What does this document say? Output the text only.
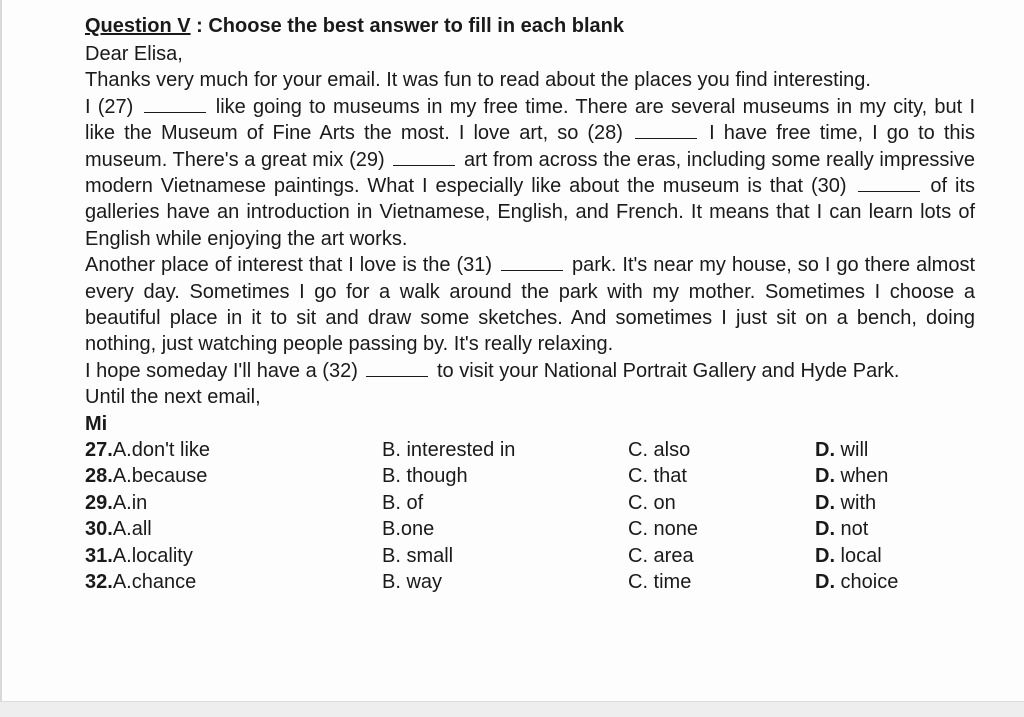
Question V : Choose the best answer to fill in each blank
Dear Elisa,
Thanks very much for your email. It was fun to read about the places you find interesting.
I (27)	like going to museums in my free time. There are several museums in my city, but I like the Museum of Fine Arts the most. I love art, so (28)	I have free time, I go to this museum. There's a great mix (29)	art from across the eras, including some really impressive modern Vietnamese paintings. What I especially like about the museum is that (30)	of its galleries have an introduction in Vietnamese, English, and French. It means that I can learn lots of English while enjoying the art works.
Another place of interest that I love is the (31)	park. It's near my house, so I go there almost every day. Sometimes I go for a walk around the park with my mother. Sometimes I choose a beautiful place in it to sit and draw some sketches. And sometimes I just sit on a bench, doing nothing, just watching people passing by. It's really relaxing.
I hope someday I'll have a (32)	to visit your National Portrait Gallery and Hyde Park.
Until the next email,
Mi
27.A.don't like	B. interested in	C. also	D. will
28.A.because	B. though	C. that	D. when
29.A.in	B. of	C. on	D. with
30.A.all	B.one	C. none	D. not
31.A.locality	B. small	C. area	D. local
32.A.chance	B. way	C. time	D. choice
